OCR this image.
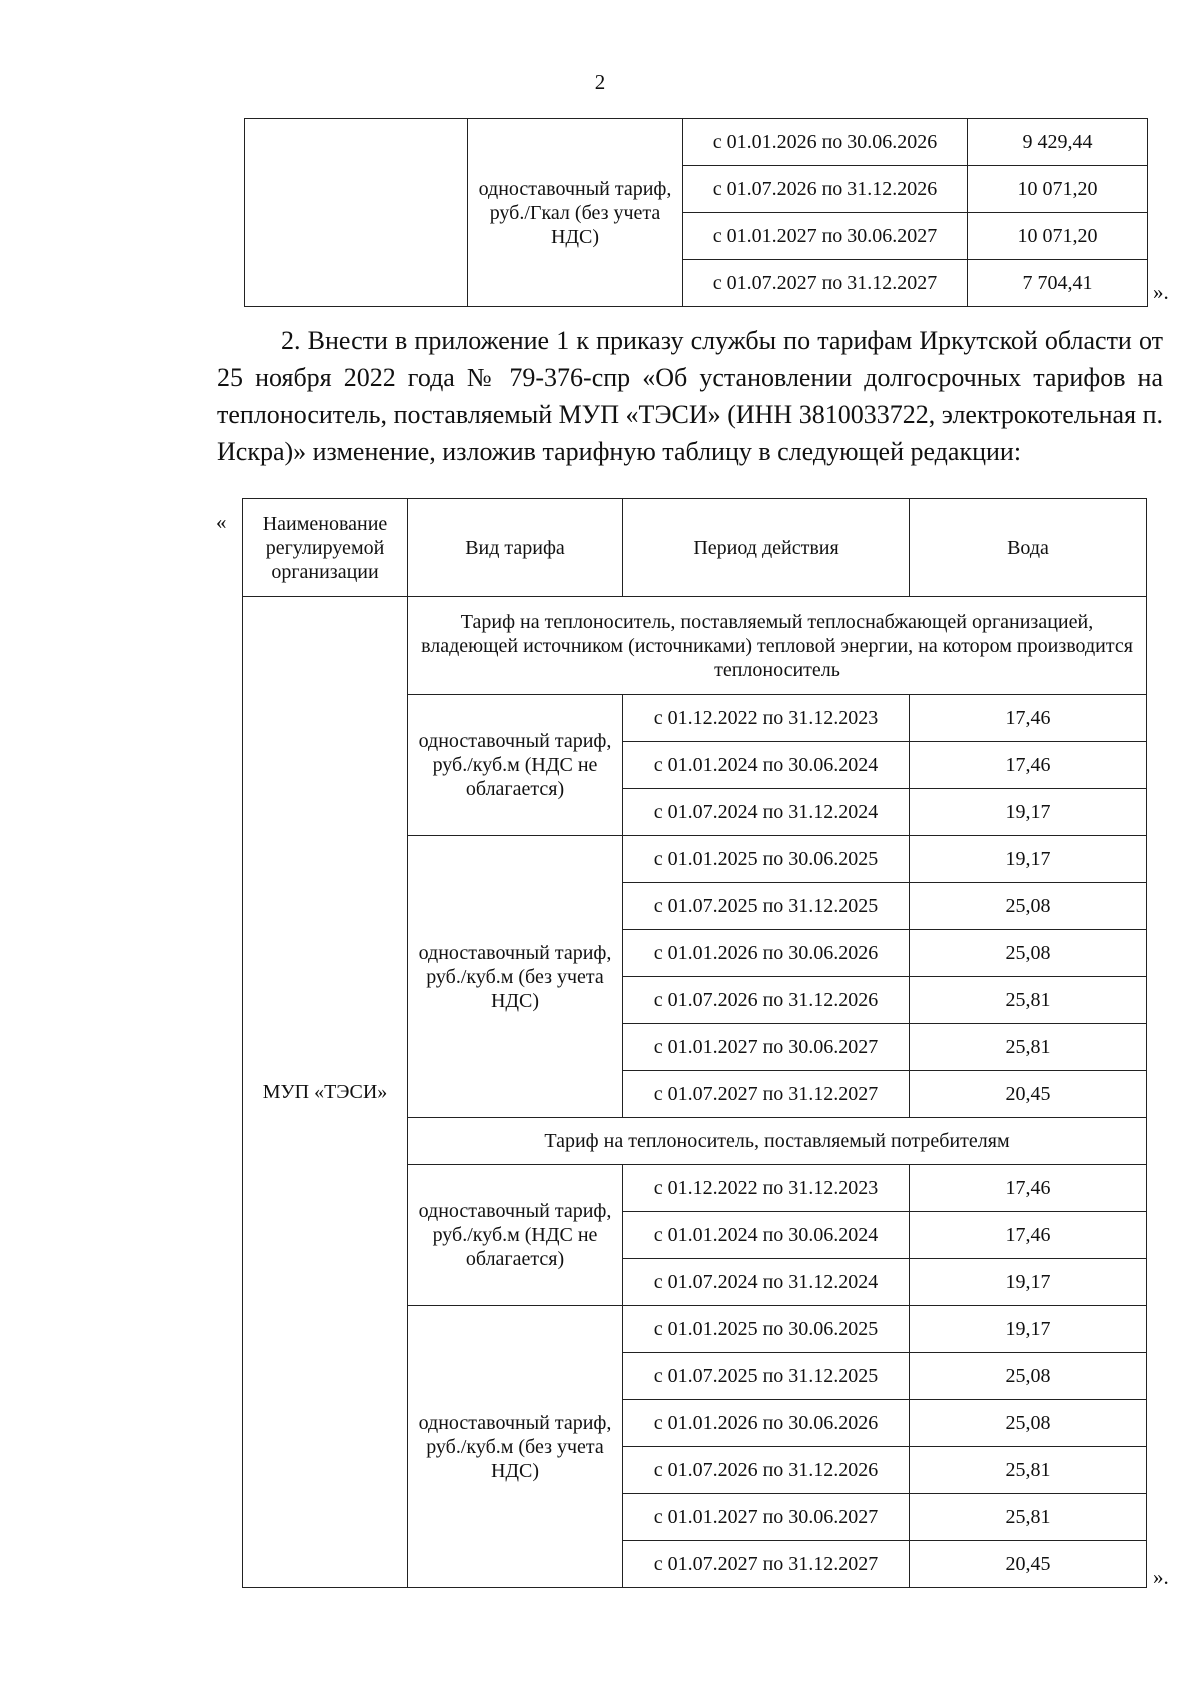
2
	одноставочный тариф, руб./Гкал (без учета НДС)	с 01.01.2026 по 30.06.2026	9 429,44
		с 01.07.2026 по 31.12.2026	10 071,20
		с 01.01.2027 по 30.06.2027	10 071,20
		с 01.07.2027 по 31.12.2027	7 704,41	».

2. Внести в приложение 1 к приказу службы по тарифам Иркутской области от 25 ноября 2022 года № 79-376-спр «Об установлении долгосрочных тарифов на теплоноситель, поставляемый МУП «ТЭСИ» (ИНН 3810033722, электрокотельная п. Искра)» изменение, изложив тарифную таблицу в следующей редакции:

« Наименование регулируемой организации	Вид тарифа	Период действия	Вода
МУП «ТЭСИ»	Тариф на теплоноситель, поставляемый теплоснабжающей организацией, владеющей источником (источниками) тепловой энергии, на котором производится теплоноситель		
	одноставочный тариф, руб./куб.м (НДС не облагается)	с 01.12.2022 по 31.12.2023	17,46
		с 01.01.2024 по 30.06.2024	17,46
		с 01.07.2024 по 31.12.2024	19,17
	одноставочный тариф, руб./куб.м (без учета НДС)	с 01.01.2025 по 30.06.2025	19,17
		с 01.07.2025 по 31.12.2025	25,08
		с 01.01.2026 по 30.06.2026	25,08
		с 01.07.2026 по 31.12.2026	25,81
		с 01.01.2027 по 30.06.2027	25,81
		с 01.07.2027 по 31.12.2027	20,45
	Тариф на теплоноситель, поставляемый потребителям		
	одноставочный тариф, руб./куб.м (НДС не облагается)	с 01.12.2022 по 31.12.2023	17,46
		с 01.01.2024 по 30.06.2024	17,46
		с 01.07.2024 по 31.12.2024	19,17
	одноставочный тариф, руб./куб.м (без учета НДС)	с 01.01.2025 по 30.06.2025	19,17
		с 01.07.2025 по 31.12.2025	25,08
		с 01.01.2026 по 30.06.2026	25,08
		с 01.07.2026 по 31.12.2026	25,81
		с 01.01.2027 по 30.06.2027	25,81
		с 01.07.2027 по 31.12.2027	20,45
».
